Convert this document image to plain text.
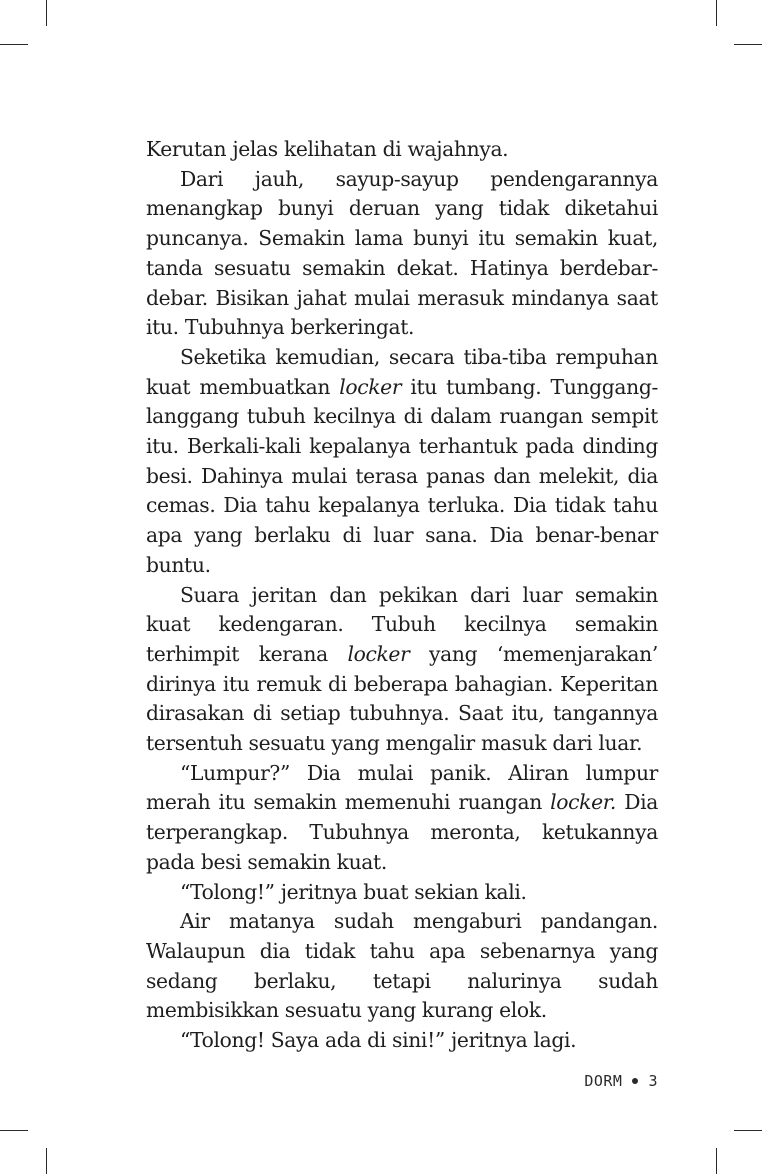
Kerutan jelas kelihatan di wajahnya.

Dari jauh, sayup-sayup pendengarannya menangkap bunyi deruan yang tidak diketahui puncanya. Semakin lama bunyi itu semakin kuat, tanda sesuatu semakin dekat. Hatinya berdebar-debar. Bisikan jahat mulai merasuk mindanya saat itu. Tubuhnya berkeringat.

Seketika kemudian, secara tiba-tiba rempuhan kuat membuatkan locker itu tumbang. Tunggang-langgang tubuh kecilnya di dalam ruangan sempit itu. Berkali-kali kepalanya terhantuk pada dinding besi. Dahinya mulai terasa panas dan melekit, dia cemas. Dia tahu kepalanya terluka. Dia tidak tahu apa yang berlaku di luar sana. Dia benar-benar buntu.

Suara jeritan dan pekikan dari luar semakin kuat kedengaran. Tubuh kecilnya semakin terhimpit kerana locker yang ‘memenjarakan’ dirinya itu remuk di beberapa bahagian. Keperitan dirasakan di setiap tubuhnya. Saat itu, tangannya tersentuh sesuatu yang mengalir masuk dari luar.

“Lumpur?” Dia mulai panik. Aliran lumpur merah itu semakin memenuhi ruangan locker. Dia terperangkap. Tubuhnya meronta, ketukannya pada besi semakin kuat.

“Tolong!” jeritnya buat sekian kali.

Air matanya sudah mengaburi pandangan. Walaupun dia tidak tahu apa sebenarnya yang sedang berlaku, tetapi nalurinya sudah membisikkan sesuatu yang kurang elok.

“Tolong! Saya ada di sini!” jeritnya lagi.

DORM 3
